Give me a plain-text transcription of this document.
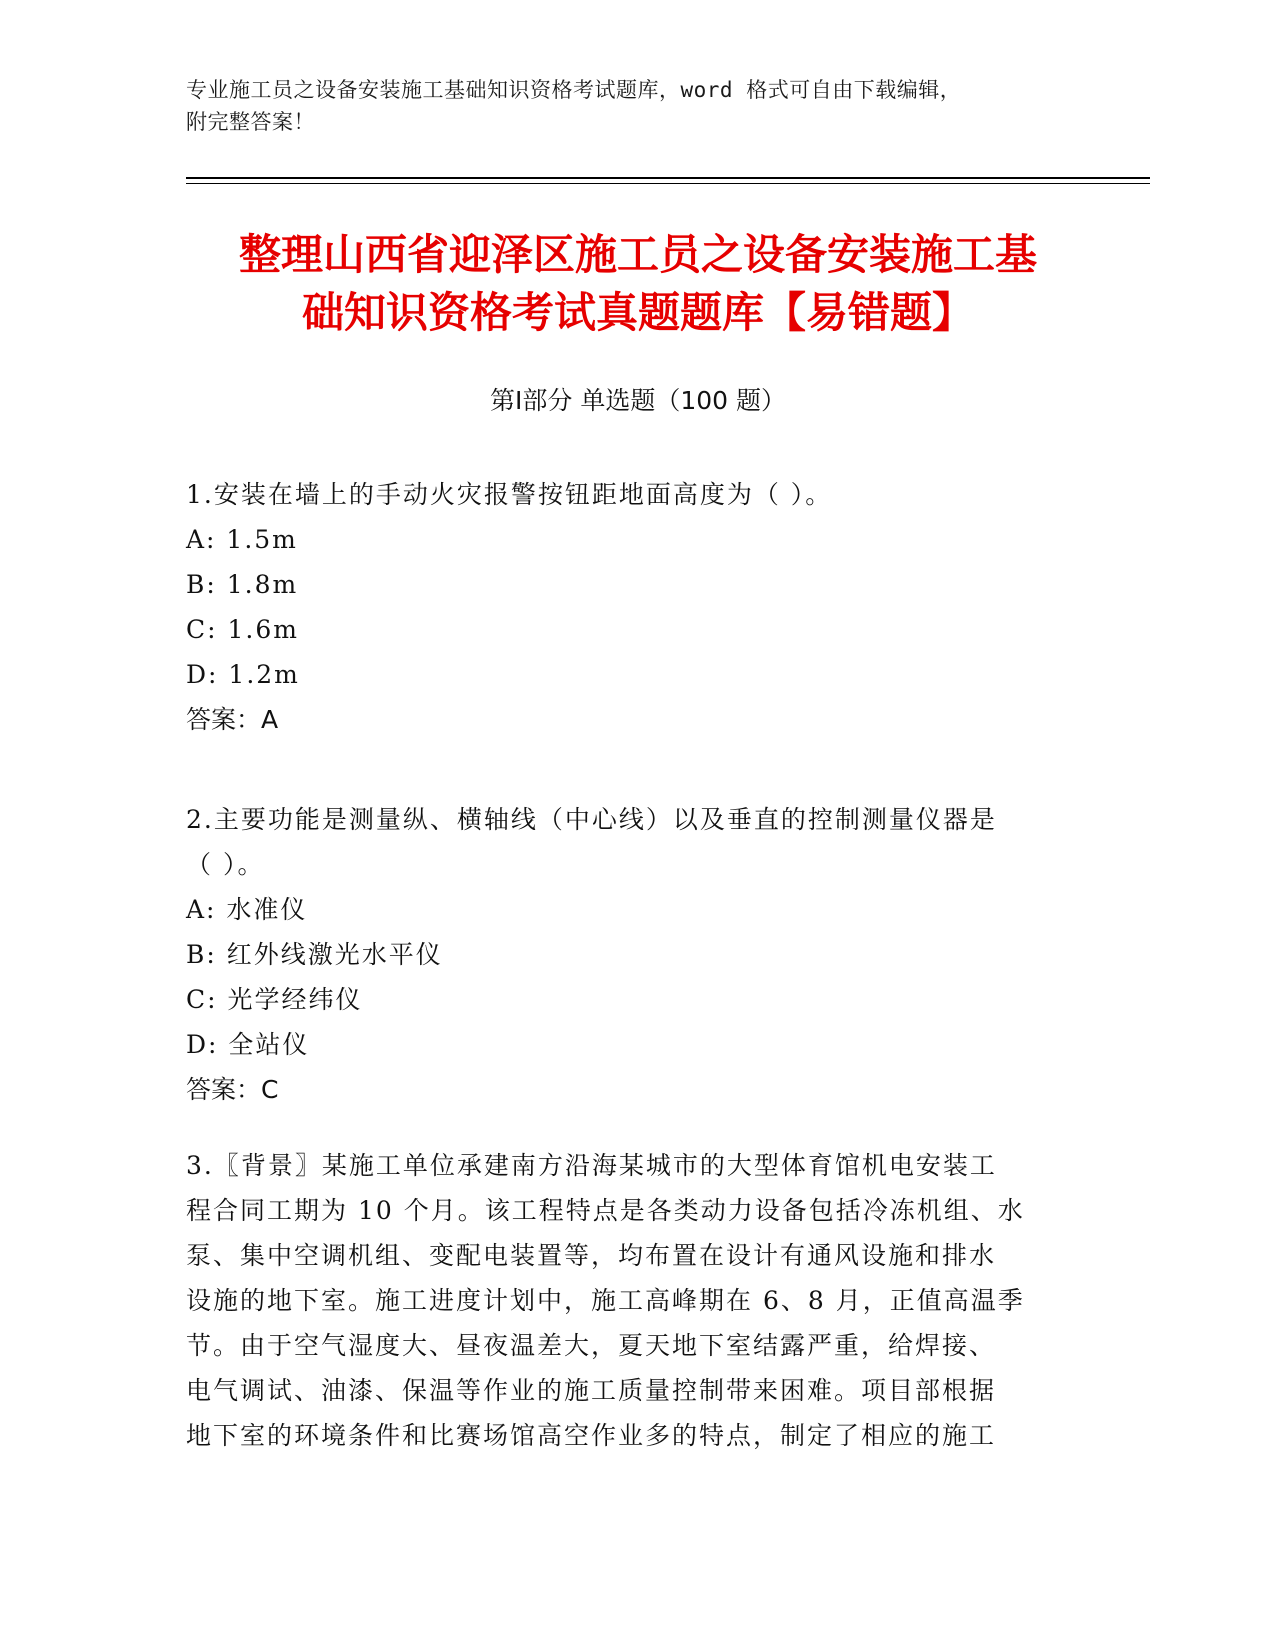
专业施工员之设备安装施工基础知识资格考试题库，word 格式可自由下载编辑，
附完整答案！
整理山西省迎泽区施工员之设备安装施工基
础知识资格考试真题题库【易错题】
第Ⅰ部分 单选题（100 题）
1.安装在墙上的手动火灾报警按钮距地面高度为（ ）。
A: 1.5m
B: 1.8m
C: 1.6m
D: 1.2m
答案：A
2.主要功能是测量纵、横轴线（中心线）以及垂直的控制测量仪器是
（ ）。
A: 水准仪
B: 红外线激光水平仪
C: 光学经纬仪
D: 全站仪
答案：C
3.〖背景〗某施工单位承建南方沿海某城市的大型体育馆机电安装工
程合同工期为 10 个月。该工程特点是各类动力设备包括冷冻机组、水
泵、集中空调机组、变配电装置等，均布置在设计有通风设施和排水
设施的地下室。施工进度计划中，施工高峰期在 6、8 月，正值高温季
节。由于空气湿度大、昼夜温差大，夏天地下室结露严重，给焊接、
电气调试、油漆、保温等作业的施工质量控制带来困难。项目部根据
地下室的环境条件和比赛场馆高空作业多的特点，制定了相应的施工
